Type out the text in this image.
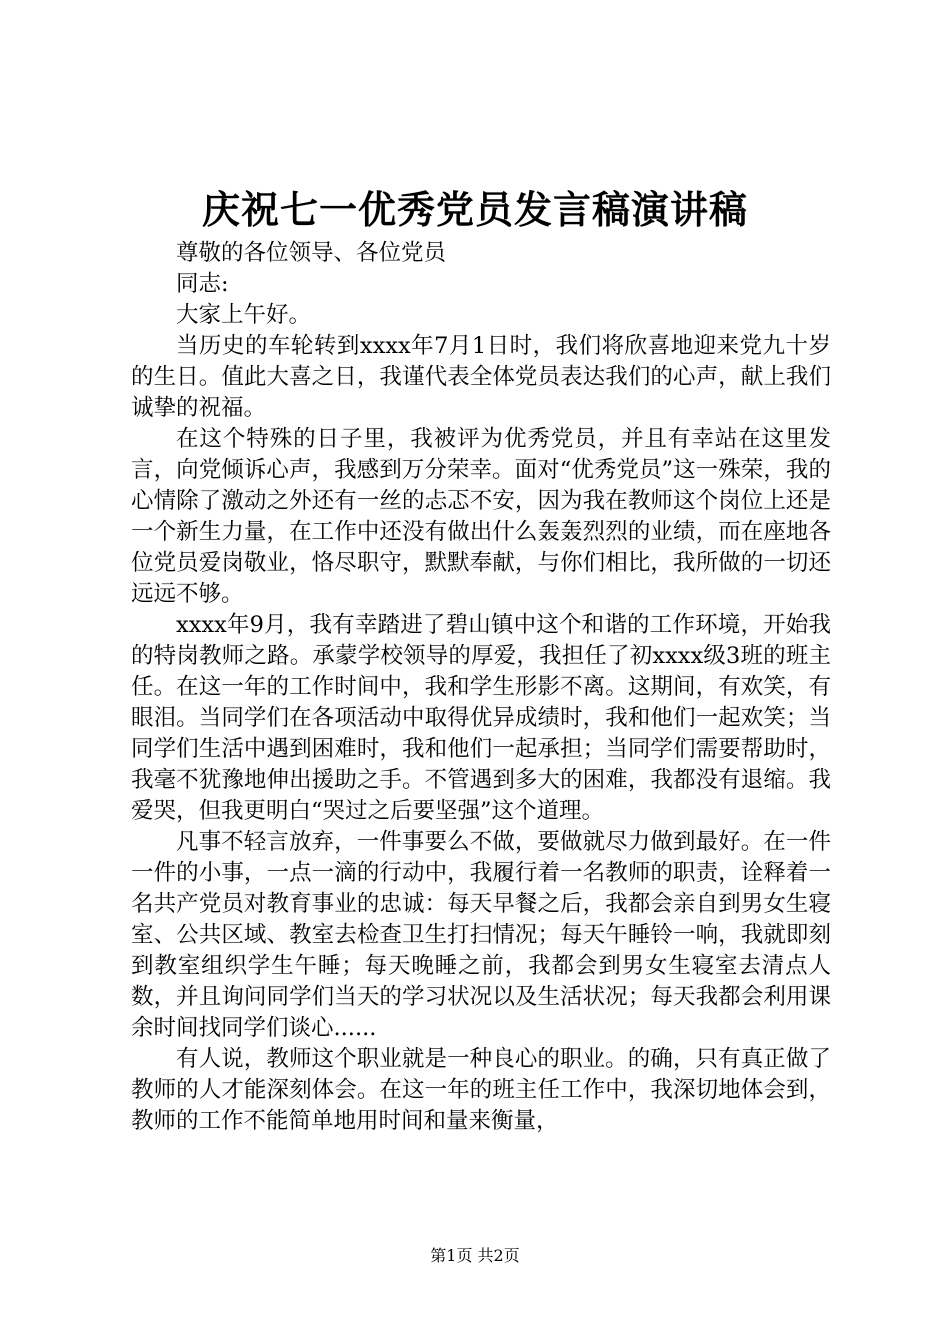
庆祝七一优秀党员发言稿演讲稿

尊敬的各位领导、各位党员

同志:

大家上午好。

当历史的车轮转到xxxx年7月1日时，我们将欣喜地迎来党九十岁的生日。值此大喜之日，我谨代表全体党员表达我们的心声，献上我们诚挚的祝福。

在这个特殊的日子里，我被评为优秀党员，并且有幸站在这里发言，向党倾诉心声，我感到万分荣幸。面对“优秀党员”这一殊荣，我的心情除了激动之外还有一丝的忐忑不安，因为我在教师这个岗位上还是一个新生力量，在工作中还没有做出什么轰轰烈烈的业绩，而在座地各位党员爱岗敬业，恪尽职守，默默奉献，与你们相比，我所做的一切还远远不够。

xxxx年9月，我有幸踏进了碧山镇中这个和谐的工作环境，开始我的特岗教师之路。承蒙学校领导的厚爱，我担任了初xxxx级3班的班主任。在这一年的工作时间中，我和学生形影不离。这期间，有欢笑，有眼泪。当同学们在各项活动中取得优异成绩时，我和他们一起欢笑；当同学们生活中遇到困难时，我和他们一起承担；当同学们需要帮助时，我毫不犹豫地伸出援助之手。不管遇到多大的困难，我都没有退缩。我爱哭，但我更明白“哭过之后要坚强”这个道理。

凡事不轻言放弃，一件事要么不做，要做就尽力做到最好。在一件一件的小事，一点一滴的行动中，我履行着一名教师的职责，诠释着一名共产党员对教育事业的忠诚：每天早餐之后，我都会亲自到男女生寝室、公共区域、教室去检查卫生打扫情况；每天午睡铃一响，我就即刻到教室组织学生午睡；每天晚睡之前，我都会到男女生寝室去清点人数，并且询问同学们当天的学习状况以及生活状况；每天我都会利用课余时间找同学们谈心......

有人说，教师这个职业就是一种良心的职业。的确，只有真正做了教师的人才能深刻体会。在这一年的班主任工作中，我深切地体会到，教师的工作不能简单地用时间和量来衡量，

第1页 共2页
